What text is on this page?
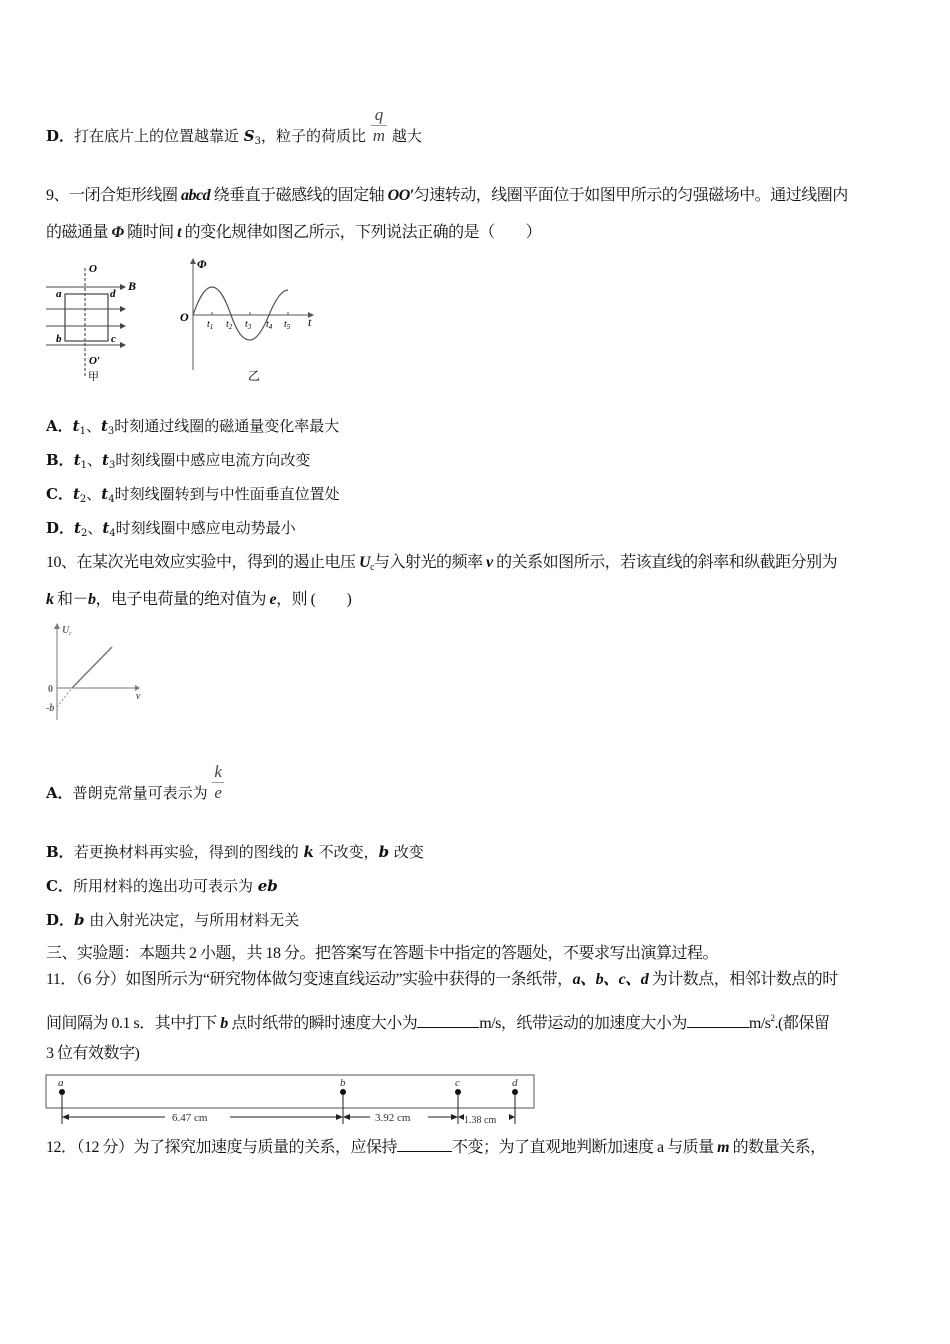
D．打在底片上的位置越靠近 $S_3$，粒子的荷质比 $\frac{q}{m}$ 越大
9、一闭合矩形线圈 abcd 绕垂直于磁感线的固定轴 OO′匀速转动，线圈平面位于如图甲所示的匀强磁场中。通过线圈内
的磁通量 Φ 随时间 t 的变化规律如图乙所示，下列说法正确的是（　　）
O
B
a	d
b	c
O′
甲
Φ
O	t
$t_1$ $t_2$ $t_3$ $t_4$ $t_5$
乙
A．$t_1$、$t_3$时刻通过线圈的磁通量变化率最大
B．$t_1$、$t_3$时刻线圈中感应电流方向改变
C．$t_2$、$t_4$时刻线圈转到与中性面垂直位置处
D．$t_2$、$t_4$时刻线圈中感应电动势最小
10、在某次光电效应实验中，得到的遏止电压 $U_c$与入射光的频率 v 的关系如图所示，若该直线的斜率和纵截距分别为
k 和－b，电子电荷量的绝对值为 e，则 (　　)
U c
v
0
-b
A．普朗克常量可表示为 $\frac{k}{e}$
B．若更换材料再实验，得到的图线的 k 不改变，b 改变
C．所用材料的逸出功可表示为 eb
D．b 由入射光决定，与所用材料无关
三、实验题：本题共 2 小题，共 18 分。把答案写在答题卡中指定的答题处，不要求写出演算过程。
11．（6 分）如图所示为“研究物体做匀变速直线运动”实验中获得的一条纸带，a、b、c、d 为计数点，相邻计数点的时
间间隔为 0.1 s．其中打下 b 点时纸带的瞬时速度大小为	m/s，纸带运动的加速度大小为	$m/s^2$.(都保留
3 位有效数字)
a	b	c	d
6.47 cm	3.92 cm	1.38 cm
12．（12 分）为了探究加速度与质量的关系，应保持	不变；为了直观地判断加速度 a 与质量 m 的数量关系，
